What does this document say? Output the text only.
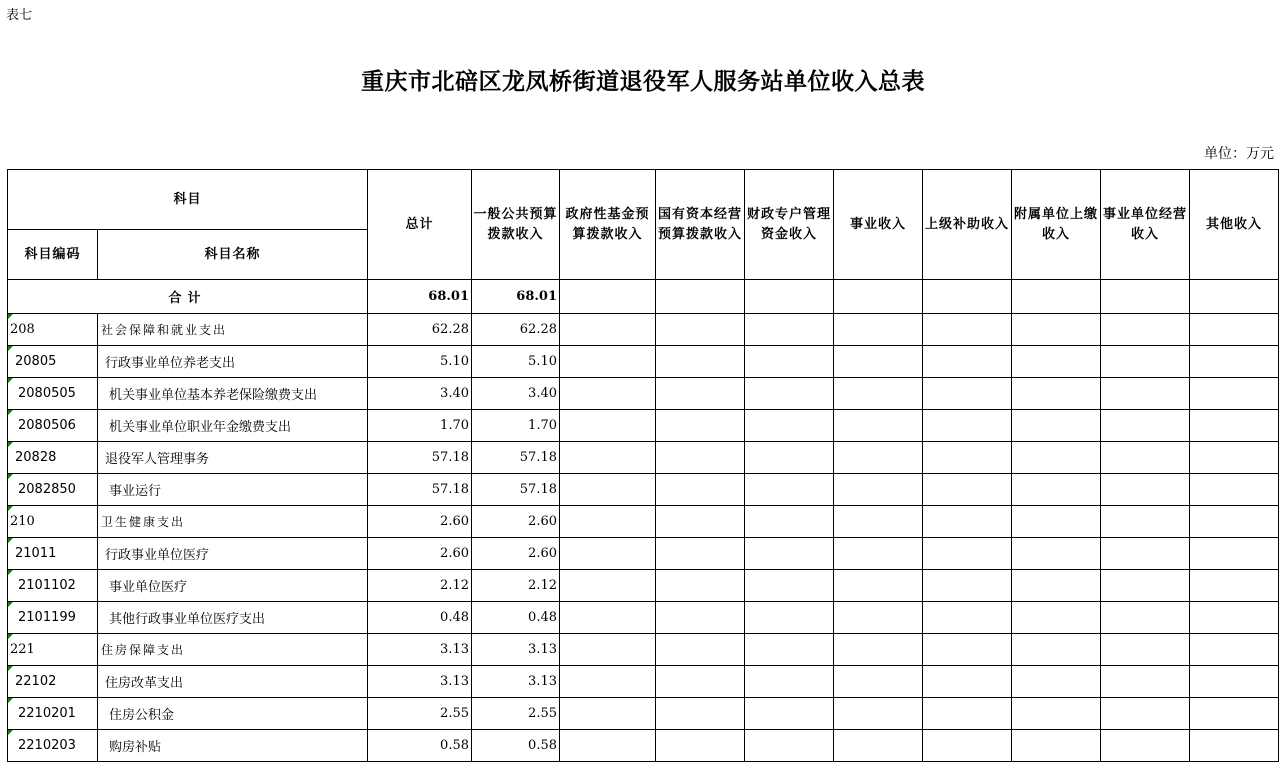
表七
重庆市北碚区龙凤桥街道退役军人服务站单位收入总表
单位：万元
科目		总计	一般公共预算拨款收入	政府性基金预算拨款收入	国有资本经营预算拨款收入	财政专户管理资金收入	事业收入	上级补助收入	附属单位上缴收入	事业单位经营收入	其他收入
科目编码	科目名称										
合计		68.01	68.01								
208	社会保障和就业支出	62.28	62.28								
20805	行政事业单位养老支出	5.10	5.10								
2080505	机关事业单位基本养老保险缴费支出	3.40	3.40								
2080506	机关事业单位职业年金缴费支出	1.70	1.70								
20828	退役军人管理事务	57.18	57.18								
2082850	事业运行	57.18	57.18								
210	卫生健康支出	2.60	2.60								
21011	行政事业单位医疗	2.60	2.60								
2101102	事业单位医疗	2.12	2.12								
2101199	其他行政事业单位医疗支出	0.48	0.48								
221	住房保障支出	3.13	3.13								
22102	住房改革支出	3.13	3.13								
2210201	住房公积金	2.55	2.55								
2210203	购房补贴	0.58	0.58								
